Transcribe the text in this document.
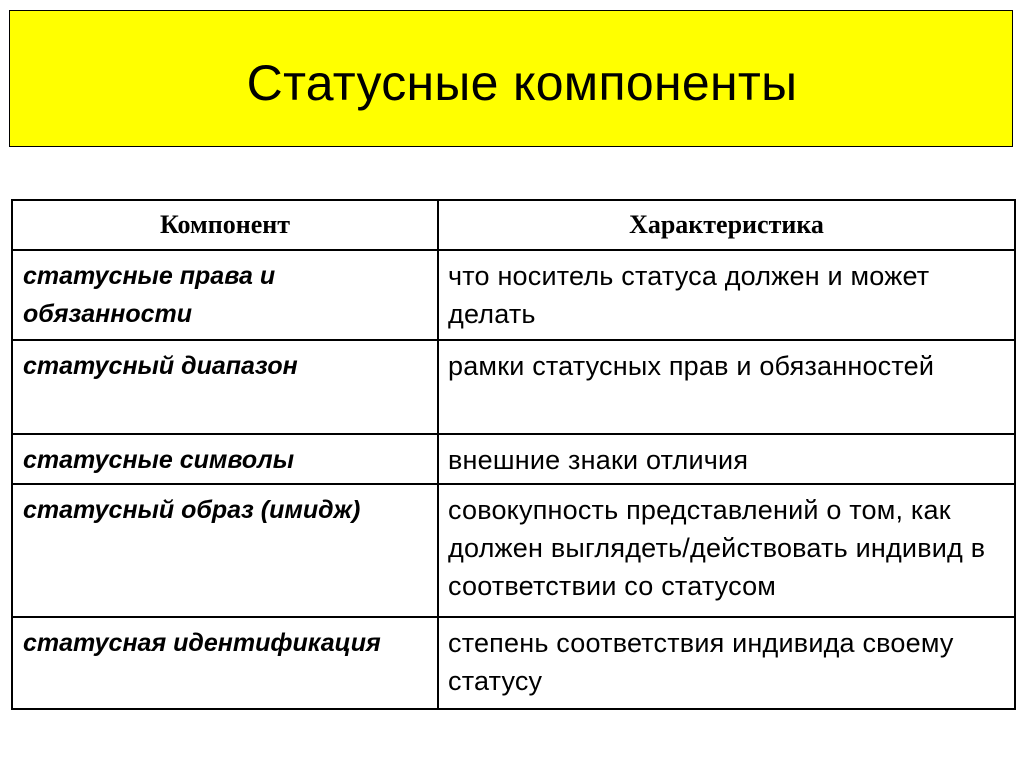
Статусные компоненты
Компонент	Характеристика
статусные права и обязанности	что носитель статуса должен и может делать
статусный диапазон	рамки статусных прав и обязанностей
статусные символы	внешние знаки отличия
статусный образ (имидж)	совокупность представлений о том, как должен выглядеть/действовать индивид в соответствии со статусом
статусная идентификация	степень соответствия индивида своему статусу
